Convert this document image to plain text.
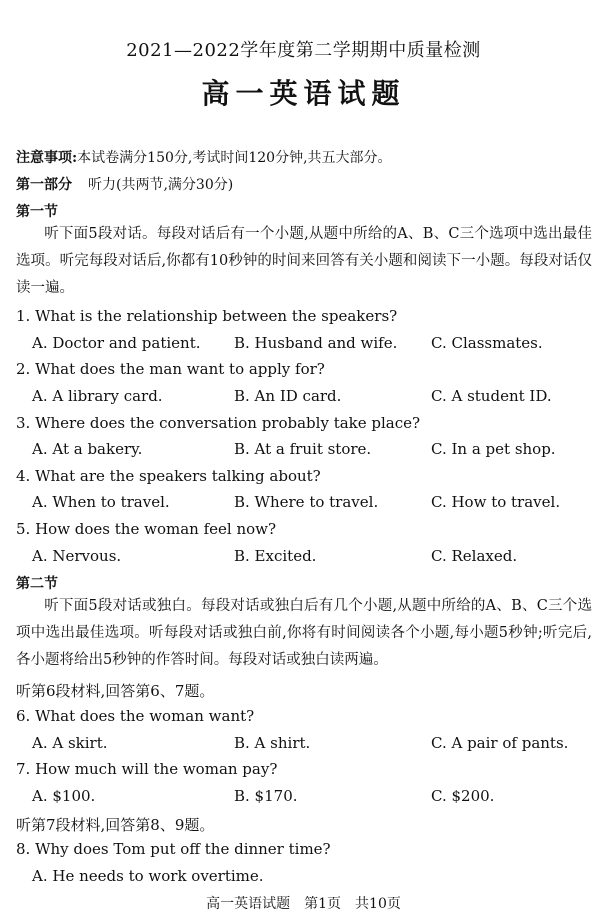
2021—2022学年度第二学期期中质量检测
高一英语试题
注意事项:本试卷满分150分,考试时间120分钟,共五大部分。
第一部分 听力(共两节,满分30分)
第一节
听下面5段对话。每段对话后有一个小题,从题中所给的A、B、C三个选项中选出最佳选项。听完每段对话后,你都有10秒钟的时间来回答有关小题和阅读下一小题。每段对话仅读一遍。
1. What is the relationship between the speakers?
A. Doctor and patient. B. Husband and wife. C. Classmates.
2. What does the man want to apply for?
A. A library card.	B. An ID card.	C. A student ID.
3. Where does the conversation probably take place?
A. At a bakery.	B. At a fruit store.	C. In a pet shop.
4. What are the speakers talking about?
A. When to travel.	B. Where to travel.	C. How to travel.
5. How does the woman feel now?
A. Nervous.	B. Excited.	C. Relaxed.
第二节
听下面5段对话或独白。每段对话或独白后有几个小题,从题中所给的A、B、C三个选项中选出最佳选项。听每段对话或独白前,你将有时间阅读各个小题,每小题5秒钟;听完后,各小题将给出5秒钟的作答时间。每段对话或独白读两遍。
听第6段材料,回答第6、7题。
6. What does the woman want?
A. A skirt.	B. A shirt.	C. A pair of pants.
7. How much will the woman pay?
A. $100.	B. $170.	C. $200.
听第7段材料,回答第8、9题。
8. Why does Tom put off the dinner time?
A. He needs to work overtime.
高一英语试题　第1页　共10页
